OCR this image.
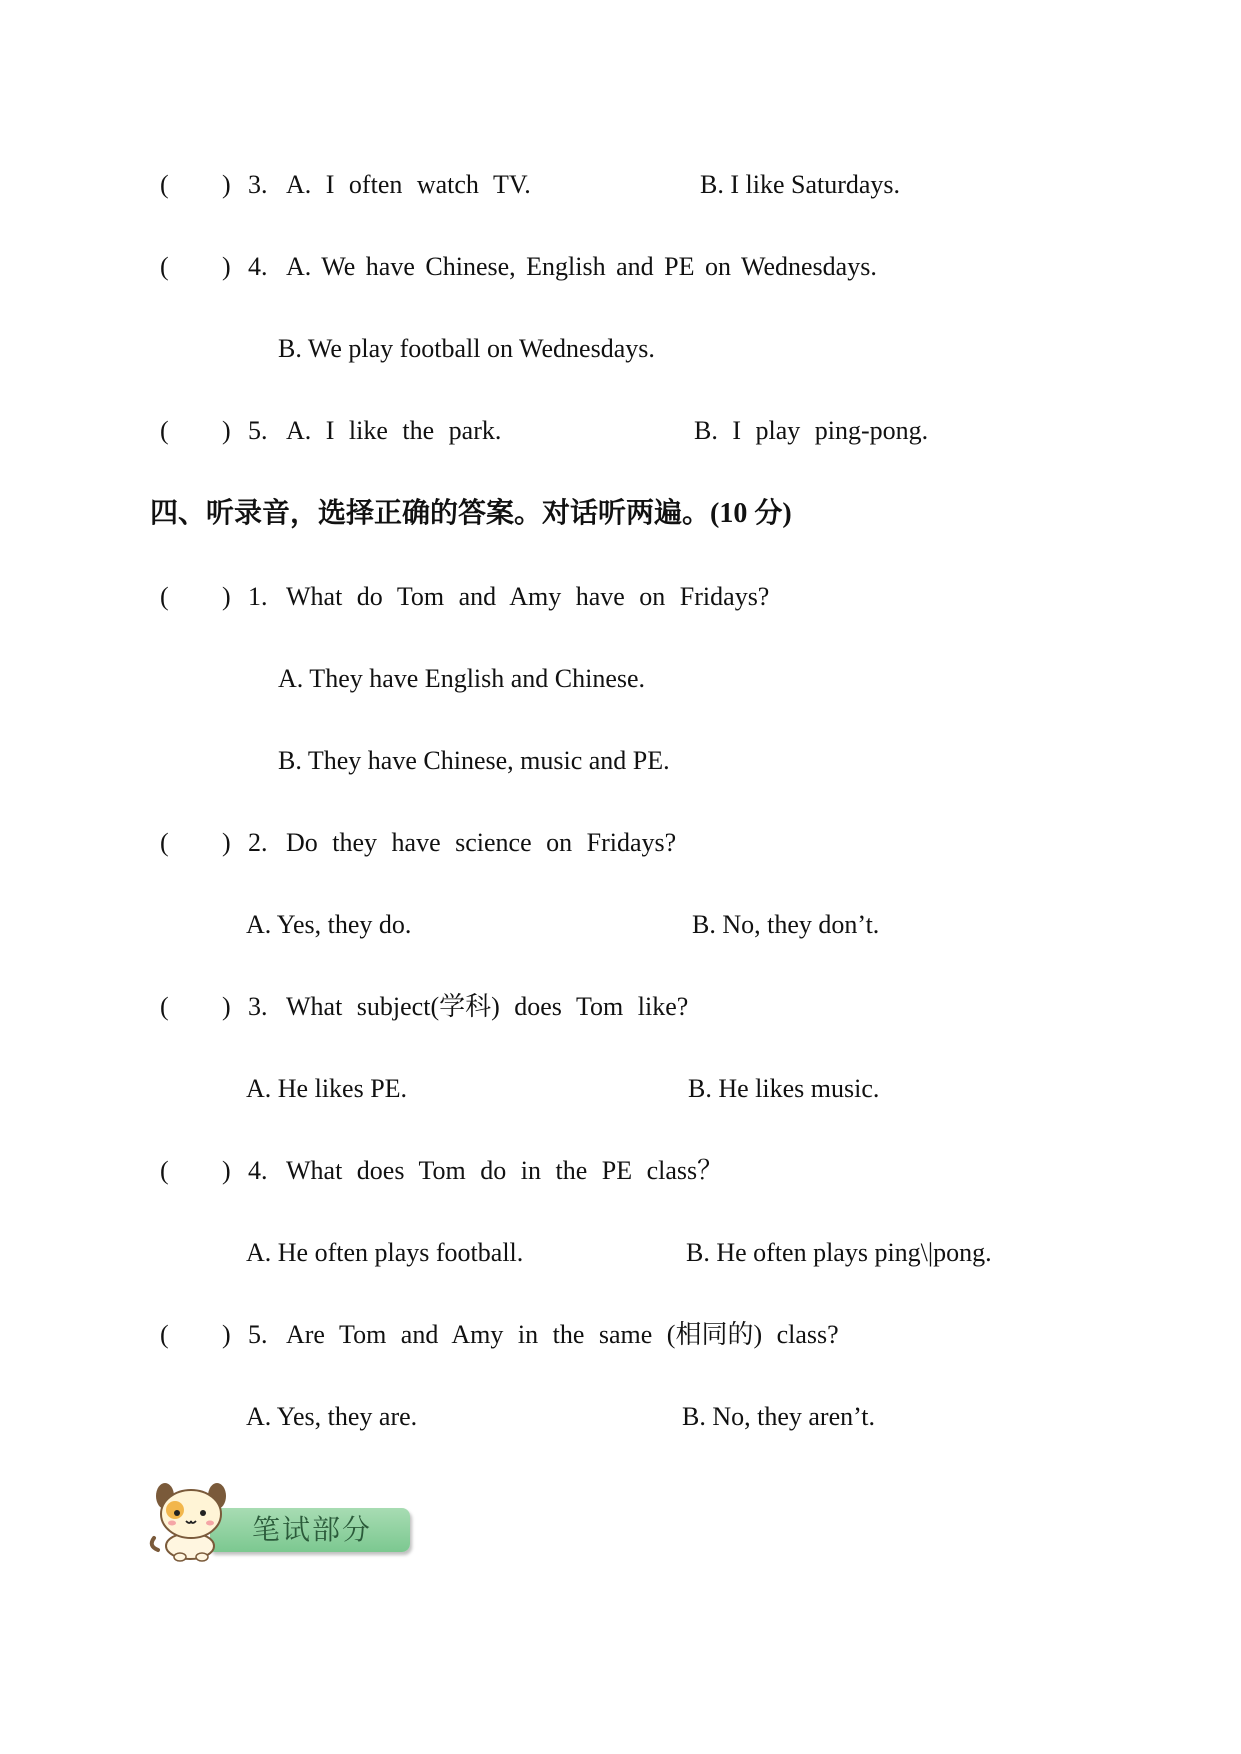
( ) 3. A. I often watch TV.	B. I like Saturdays.
( ) 4. A. We have Chinese, English and PE on Wednesdays.
B. We play football on Wednesdays.
( ) 5. A. I like the park.	B. I play ping-pong.
四、听录音，选择正确的答案。对话听两遍。(10 分)
( ) 1. What do Tom and Amy have on Fridays?
A. They have English and Chinese.
B. They have Chinese, music and PE.
( ) 2. Do they have science on Fridays?
A. Yes, they do.	B. No, they don’t.
( ) 3. What subject(学科) does Tom like?
A. He likes PE.	B. He likes music.
( ) 4. What does Tom do in the PE class？
A. He often plays football.	B. He often plays ping\|pong.
( ) 5. Are Tom and Amy in the same (相同的) class?
A. Yes, they are.	B. No, they aren’t.
笔试部分
